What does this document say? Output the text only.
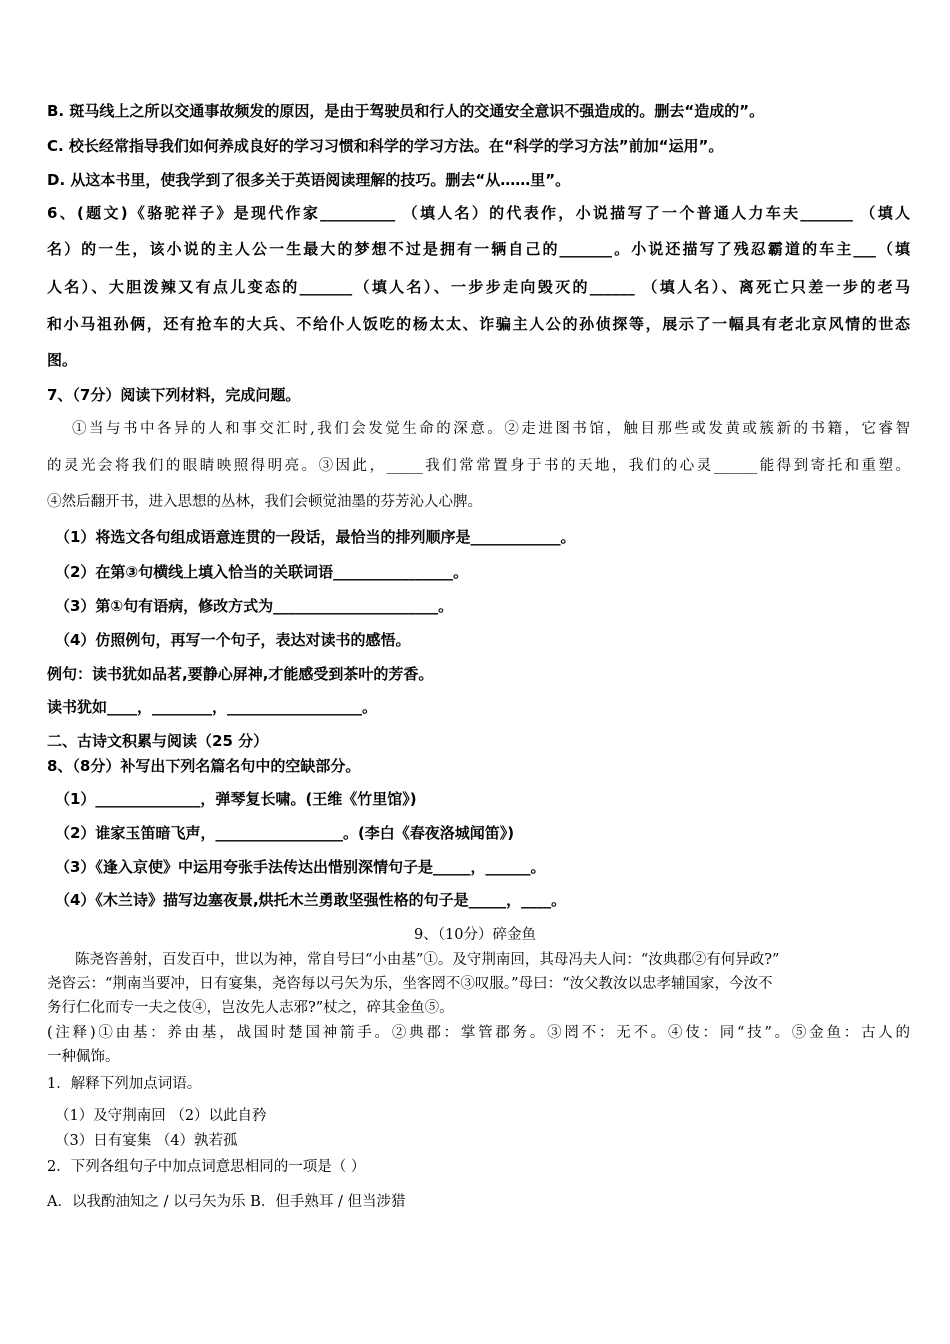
B. 斑马线上之所以交通事故频发的原因，是由于驾驶员和行人的交通安全意识不强造成的。删去“造成的”。
C. 校长经常指导我们如何养成良好的学习习惯和科学的学习方法。在“科学的学习方法”前加“运用”。
D. 从这本书里，使我学到了很多关于英语阅读理解的技巧。删去“从……里”。
6、(题文)《骆驼祥子》是现代作家__________ （填人名）的代表作，小说描写了一个普通人力车夫_______ （填人
名）的一生，该小说的主人公一生最大的梦想不过是拥有一辆自己的_______。小说还描写了残忍霸道的车主___（填
人名）、大胆泼辣又有点儿变态的_______（填人名）、一步步走向毁灭的______ （填人名）、离死亡只差一步的老马
和小马祖孙俩，还有抢车的大兵、不给仆人饭吃的杨太太、诈骗主人公的孙侦探等，展示了一幅具有老北京风情的世态
图。
7、（7分）阅读下列材料，完成问题。
①当与书中各异的人和事交汇时,我们会发觉生命的深意。②走进图书馆，触目那些或发黄或簇新的书籍，它睿智
的灵光会将我们的眼睛映照得明亮。③因此，_____我们常常置身于书的天地，我们的心灵______能得到寄托和重塑。
④然后翻开书，进入思想的丛林，我们会顿觉油墨的芬芳沁人心脾。
（1）将选文各句组成语意连贯的一段话，最恰当的排列顺序是____________。
（2）在第③句横线上填入恰当的关联词语________________。
（3）第①句有语病，修改方式为______________________。
（4）仿照例句，再写一个句子，表达对读书的感悟。
例句：读书犹如品茗,要静心屏神,才能感受到茶叶的芳香。
读书犹如____，________，__________________。
二、古诗文积累与阅读（25 分）
8、（8分）补写出下列名篇名句中的空缺部分。
（1）______________，弹琴复长啸。(王维《竹里馆》)
（2）谁家玉笛暗飞声，_________________。(李白《春夜洛城闻笛》)
（3）《逢入京使》中运用夸张手法传达出惜别深情句子是_____，______。
（4）《木兰诗》描写边塞夜景,烘托木兰勇敢坚强性格的句子是_____，____。
9、（10分）碎金鱼
陈尧咨善射，百发百中，世以为神，常自号曰“小由基”①。及守荆南回，其母冯夫人问：“汝典郡②有何异政?”
尧咨云：“荆南当要冲，日有宴集，尧咨每以弓矢为乐，坐客罔不③叹服。”母曰：“汝父教汝以忠孝辅国家，今汝不
务行仁化而专一夫之伎④，岂汝先人志邪?”杖之，碎其金鱼⑤。
(注释)①由基：养由基，战国时楚国神箭手。②典郡：掌管郡务。③罔不：无不。④伎：同“技”。⑤金鱼：古人的
一种佩饰。
1．解释下列加点词语。
（1）及守荆南回 （2）以此自矜
（3）日有宴集 （4）孰若孤
2．下列各组句子中加点词意思相同的一项是（ ）
A．以我酌油知之 / 以弓矢为乐 B．但手熟耳 / 但当涉猎
